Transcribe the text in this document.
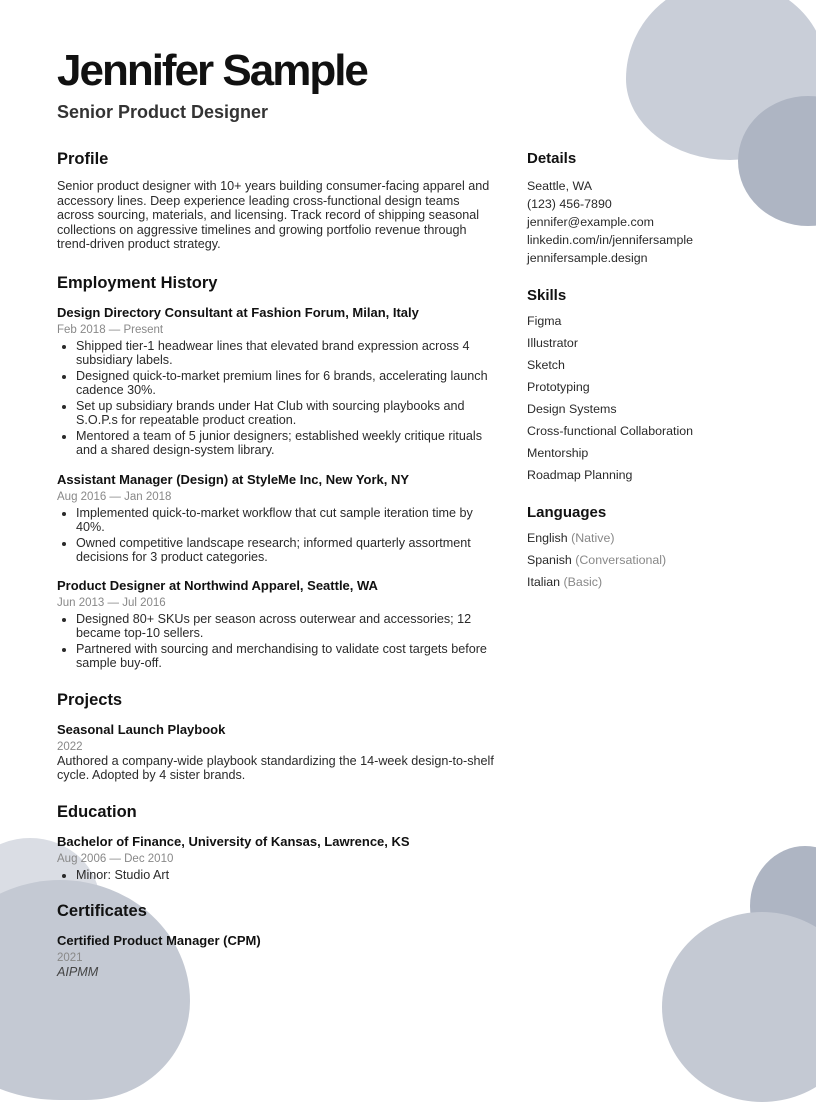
Jennifer Sample
Senior Product Designer
Profile

Senior product designer with 10+ years building consumer-facing apparel and accessory lines. Deep experience leading cross-functional design teams across sourcing, materials, and licensing. Track record of shipping seasonal collections on aggressive timelines and growing portfolio revenue through trend-driven product strategy.

Employment History
Design Directory Consultant at Fashion Forum, Milan, Italy
Feb 2018 — Present
• Shipped tier-1 headwear lines that elevated brand expression across 4 subsidiary labels.
• Designed quick-to-market premium lines for 6 brands, accelerating launch cadence 30%.
• Set up subsidiary brands under Hat Club with sourcing playbooks and S.O.P.s for repeatable product creation.
• Mentored a team of 5 junior designers; established weekly critique rituals and a shared design-system library.
Assistant Manager (Design) at StyleMe Inc, New York, NY
Aug 2016 — Jan 2018
• Implemented quick-to-market workflow that cut sample iteration time by 40%.
• Owned competitive landscape research; informed quarterly assortment decisions for 3 product categories.
Product Designer at Northwind Apparel, Seattle, WA
Jun 2013 — Jul 2016
• Designed 80+ SKUs per season across outerwear and accessories; 12 became top-10 sellers.
• Partnered with sourcing and merchandising to validate cost targets before sample buy-off.
Projects
Seasonal Launch Playbook
2022

Authored a company-wide playbook standardizing the 14-week design-to-shelf cycle. Adopted by 4 sister brands.

Education
Bachelor of Finance, University of Kansas, Lawrence, KS
Aug 2006 — Dec 2010
• Minor: Studio Art
Certificates
Certified Product Manager (CPM)
2021

AIPMM

Details

Seattle, WA

(123) 456-7890

jennifer@example.com

linkedin.com/in/jennifersample

jennifersample.design

Skills

Figma

Illustrator

Sketch

Prototyping

Design Systems

Cross-functional Collaboration

Mentorship

Roadmap Planning

Languages

English (Native)

Spanish (Conversational)

Italian (Basic)
